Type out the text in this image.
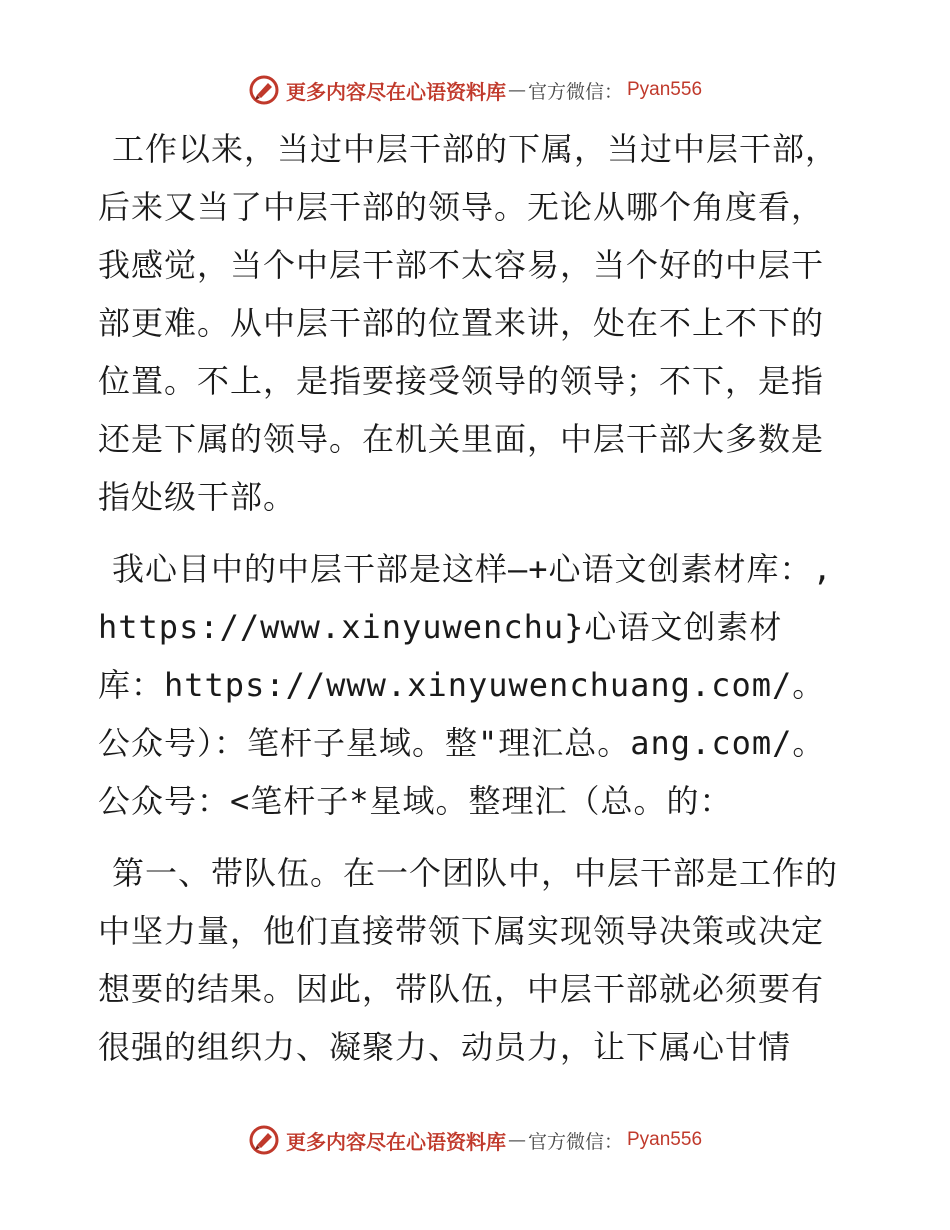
更多内容尽在心语资料库 — 官方微信： Pyan556

工作以来，当过中层干部的下属，当过中层干部，后来又当了中层干部的领导。无论从哪个角度看，我感觉，当个中层干部不太容易，当个好的中层干部更难。从中层干部的位置来讲，处在不上不下的位置。不上，是指要接受领导的领导；不下，是指还是下属的领导。在机关里面，中层干部大多数是指处级干部。

我心目中的中层干部是这样—+心语文创素材库：,https://www.xinyuwenchu}心语文创素材库：https://www.xinyuwenchuang.com/。公众号）：笔杆子星域。整"理汇总。ang.com/。公众号：<笔杆子*星域。整理汇（总。的：

第一、带队伍。在一个团队中，中层干部是工作的中坚力量，他们直接带领下属实现领导决策或决定想要的结果。因此，带队伍，中层干部就必须要有很强的组织力、凝聚力、动员力，让下属心甘情

更多内容尽在心语资料库 — 官方微信： Pyan556
